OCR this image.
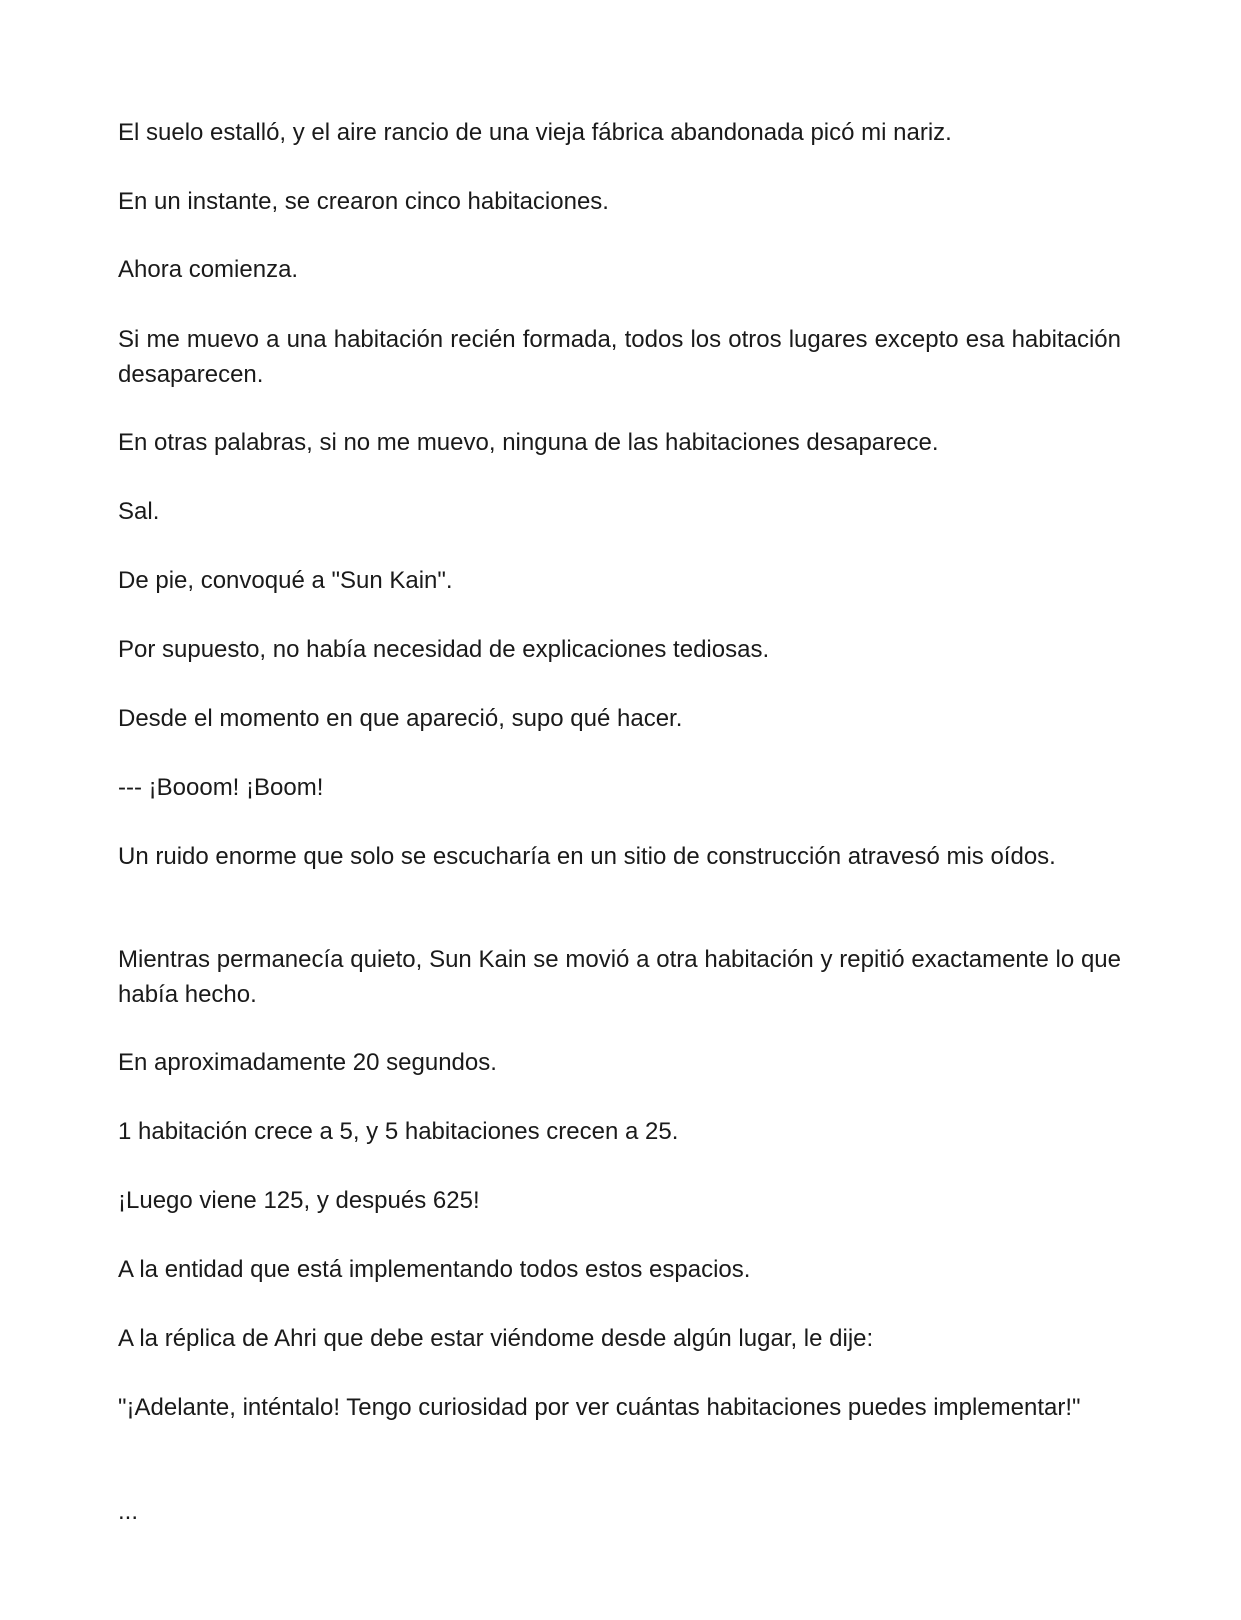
El suelo estalló, y el aire rancio de una vieja fábrica abandonada picó mi nariz.

En un instante, se crearon cinco habitaciones.

Ahora comienza.

Si me muevo a una habitación recién formada, todos los otros lugares excepto esa habitación desaparecen.

En otras palabras, si no me muevo, ninguna de las habitaciones desaparece.

Sal.

De pie, convoqué a "Sun Kain".

Por supuesto, no había necesidad de explicaciones tediosas.

Desde el momento en que apareció, supo qué hacer.

--- ¡Booom! ¡Boom!

Un ruido enorme que solo se escucharía en un sitio de construcción atravesó mis oídos.

Mientras permanecía quieto, Sun Kain se movió a otra habitación y repitió exactamente lo que había hecho.

En aproximadamente 20 segundos.

1 habitación crece a 5, y 5 habitaciones crecen a 25.

¡Luego viene 125, y después 625!

A la entidad que está implementando todos estos espacios.

A la réplica de Ahri que debe estar viéndome desde algún lugar, le dije:

"¡Adelante, inténtalo! Tengo curiosidad por ver cuántas habitaciones puedes implementar!"

...
